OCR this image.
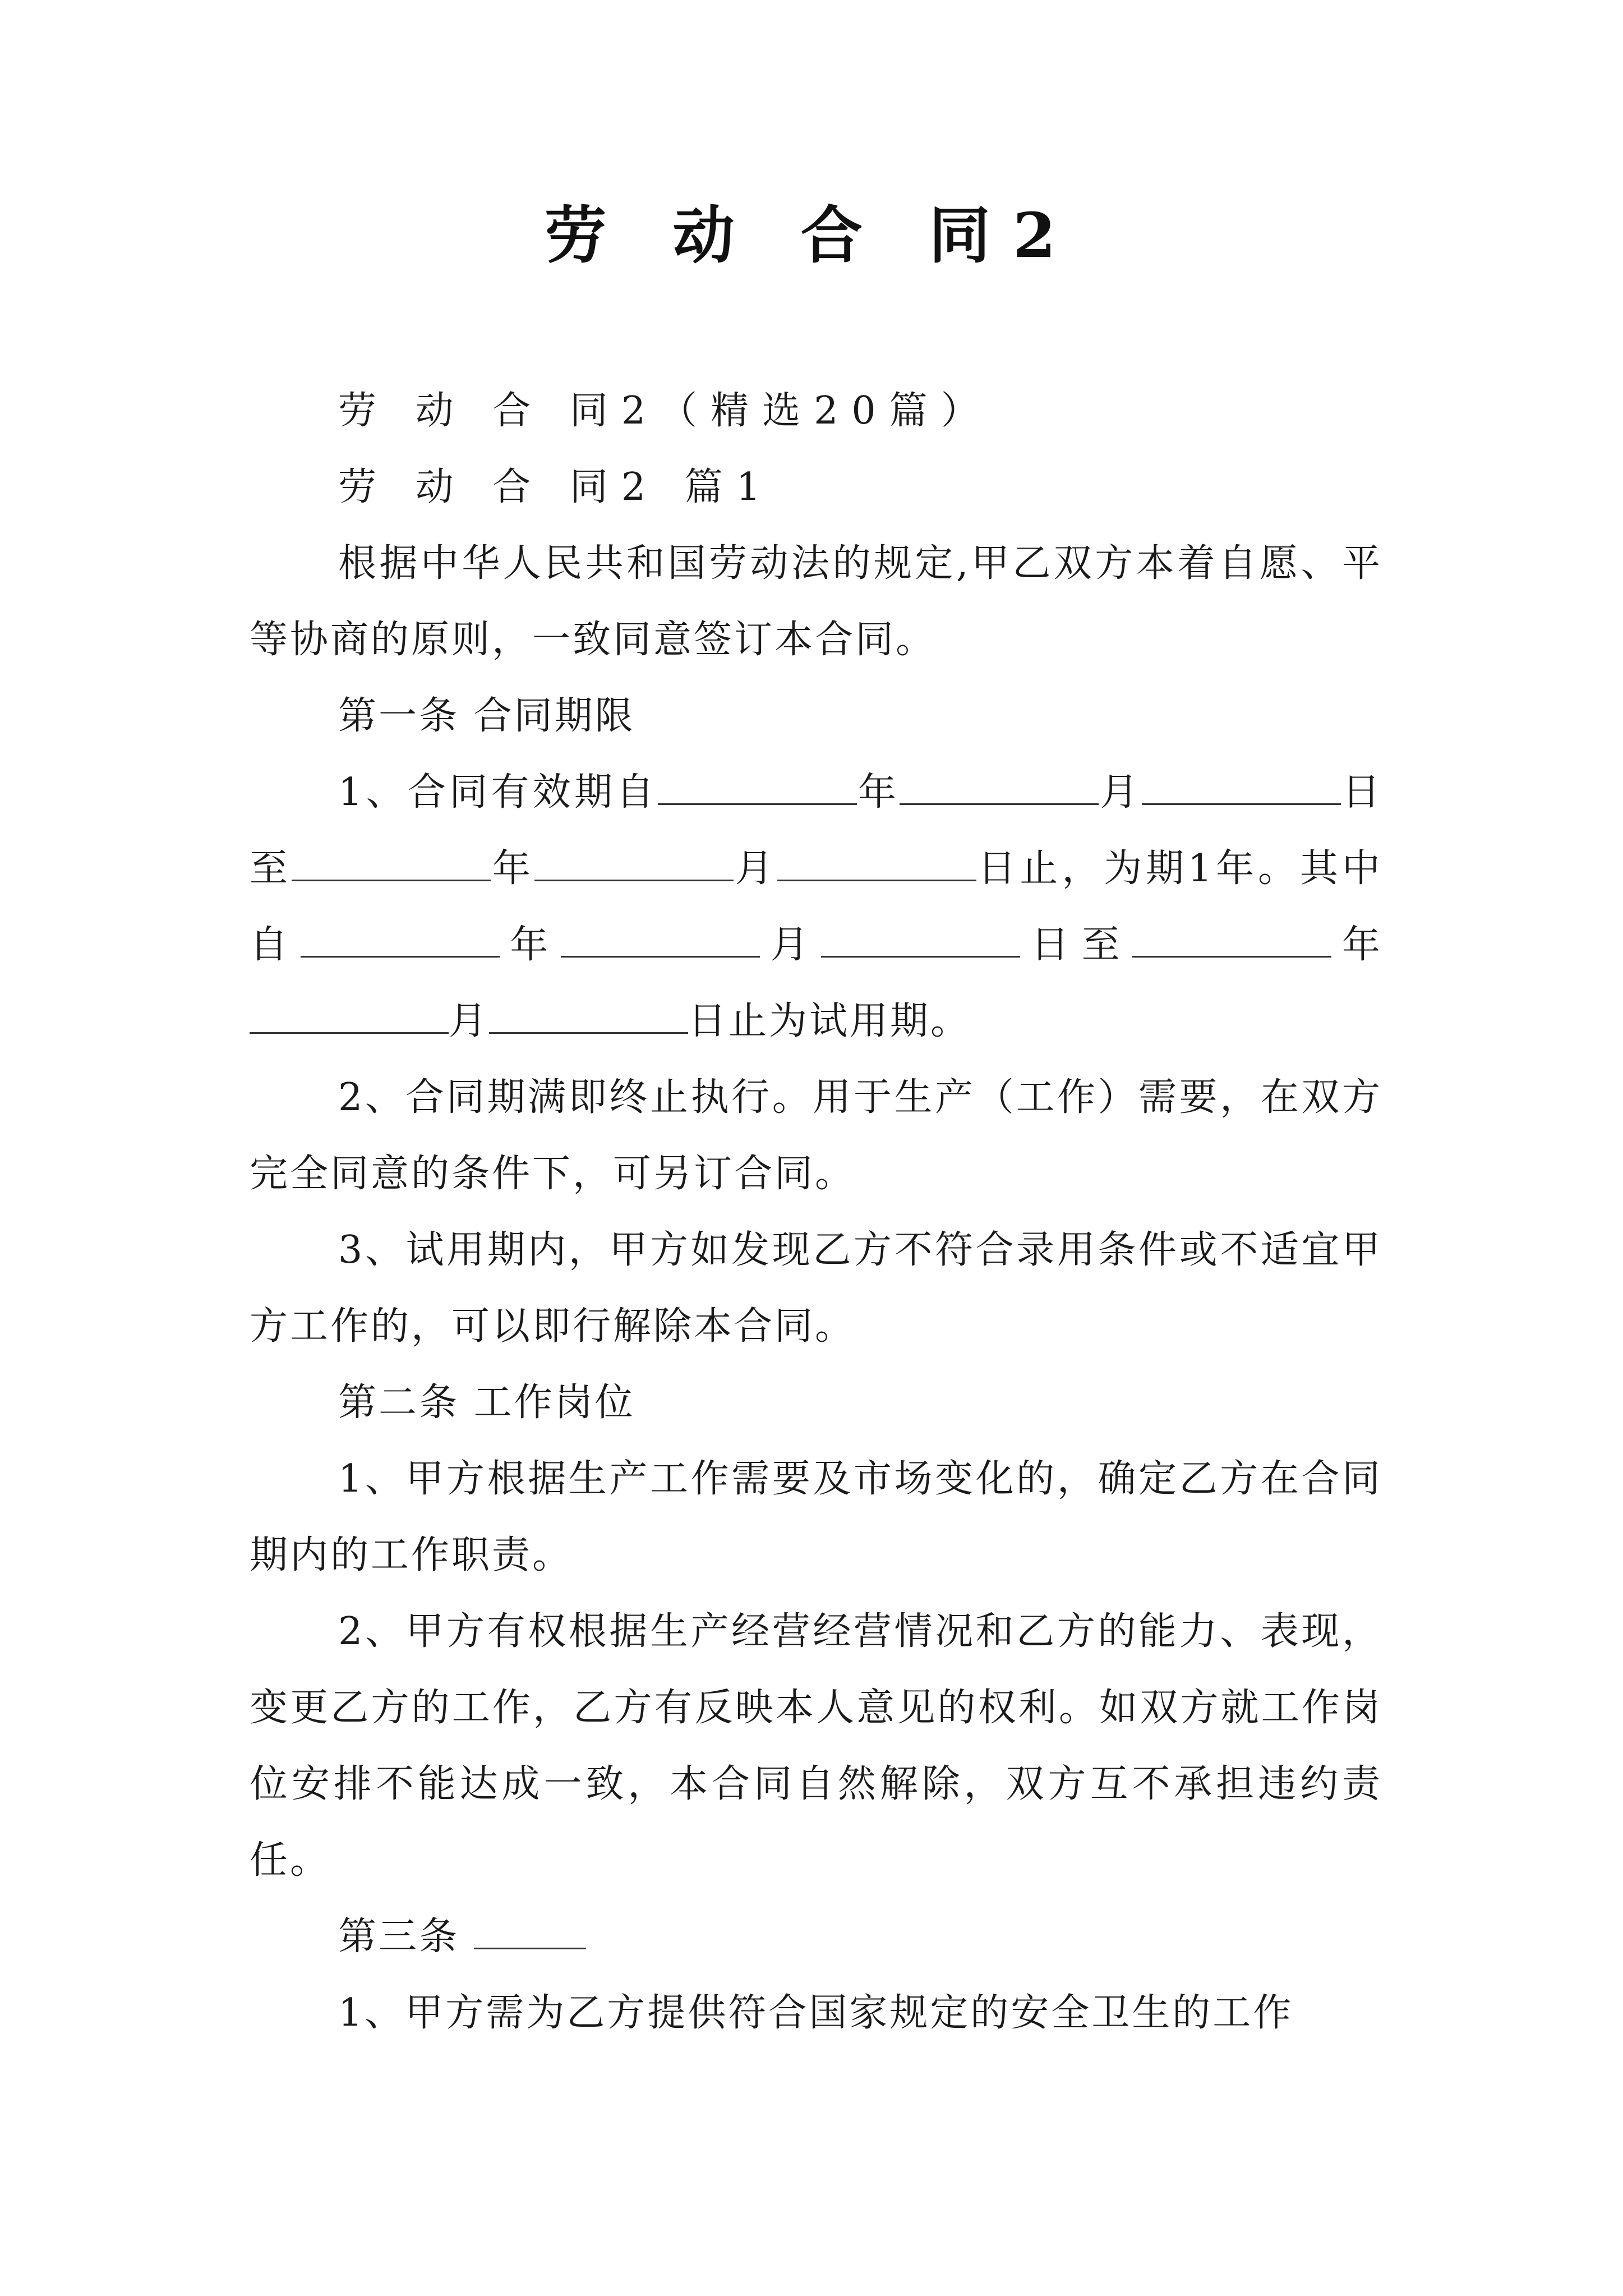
劳 动 合 同2

劳 动 合 同2（精选20篇）

劳 动 合 同2 篇1

根据中华人民共和国劳动法的规定,甲乙双方本着自愿、平等协商的原则，一致同意签订本合同。

第一条 合同期限

1、合同有效期自	年	月	日至	年	月	日止，为期1年。其中自	年	月	日至	年月	日止为试用期。

2、合同期满即终止执行。用于生产（工作）需要，在双方完全同意的条件下，可另订合同。

3、试用期内，甲方如发现乙方不符合录用条件或不适宜甲方工作的，可以即行解除本合同。

第二条 工作岗位

1、甲方根据生产工作需要及市场变化的，确定乙方在合同期内的工作职责。

2、甲方有权根据生产经营经营情况和乙方的能力、表现，变更乙方的工作，乙方有反映本人意见的权利。如双方就工作岗位安排不能达成一致，本合同自然解除，双方互不承担违约责任。

第三条

1、甲方需为乙方提供符合国家规定的安全卫生的工作
